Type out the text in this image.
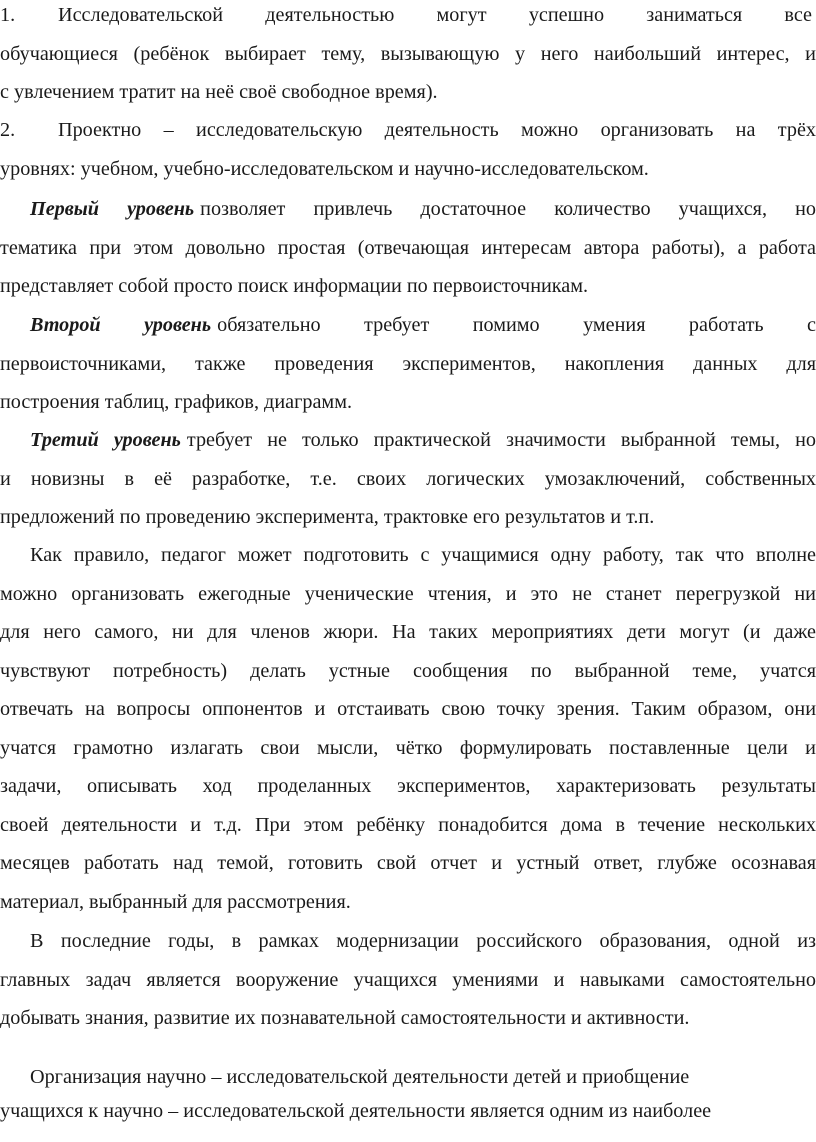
1. Исследовательской деятельностью могут успешно заниматься все
обучающиеся (ребёнок выбирает тему, вызывающую у него наибольший интерес, и
с увлечением тратит на неё своё свободное время).
2. Проектно – исследовательскую деятельность можно организовать на трёх
уровнях: учебном, учебно-исследовательском и научно-исследовательском.
Первый уровень позволяет привлечь достаточное количество учащихся, но
тематика при этом довольно простая (отвечающая интересам автора работы), а работа
представляет собой просто поиск информации по первоисточникам.
Второй уровень обязательно требует помимо умения работать с
первоисточниками, также проведения экспериментов, накопления данных для
построения таблиц, графиков, диаграмм.
Третий уровень требует не только практической значимости выбранной темы, но
и новизны в её разработке, т.е. своих логических умозаключений, собственных
предложений по проведению эксперимента, трактовке его результатов и т.п.
Как правило, педагог может подготовить с учащимися одну работу, так что вполне
можно организовать ежегодные ученические чтения, и это не станет перегрузкой ни
для него самого, ни для членов жюри. На таких мероприятиях дети могут (и даже
чувствуют потребность) делать устные сообщения по выбранной теме, учатся
отвечать на вопросы оппонентов и отстаивать свою точку зрения. Таким образом, они
учатся грамотно излагать свои мысли, чётко формулировать поставленные цели и
задачи, описывать ход проделанных экспериментов, характеризовать результаты
своей деятельности и т.д. При этом ребёнку понадобится дома в течение нескольких
месяцев работать над темой, готовить свой отчет и устный ответ, глубже осознавая
материал, выбранный для рассмотрения.
В последние годы, в рамках модернизации российского образования, одной из
главных задач является вооружение учащихся умениями и навыками самостоятельно
добывать знания, развитие их познавательной самостоятельности и активности.
Организация научно – исследовательской деятельности детей и приобщение
учащихся к научно – исследовательской деятельности является одним из наиболее
